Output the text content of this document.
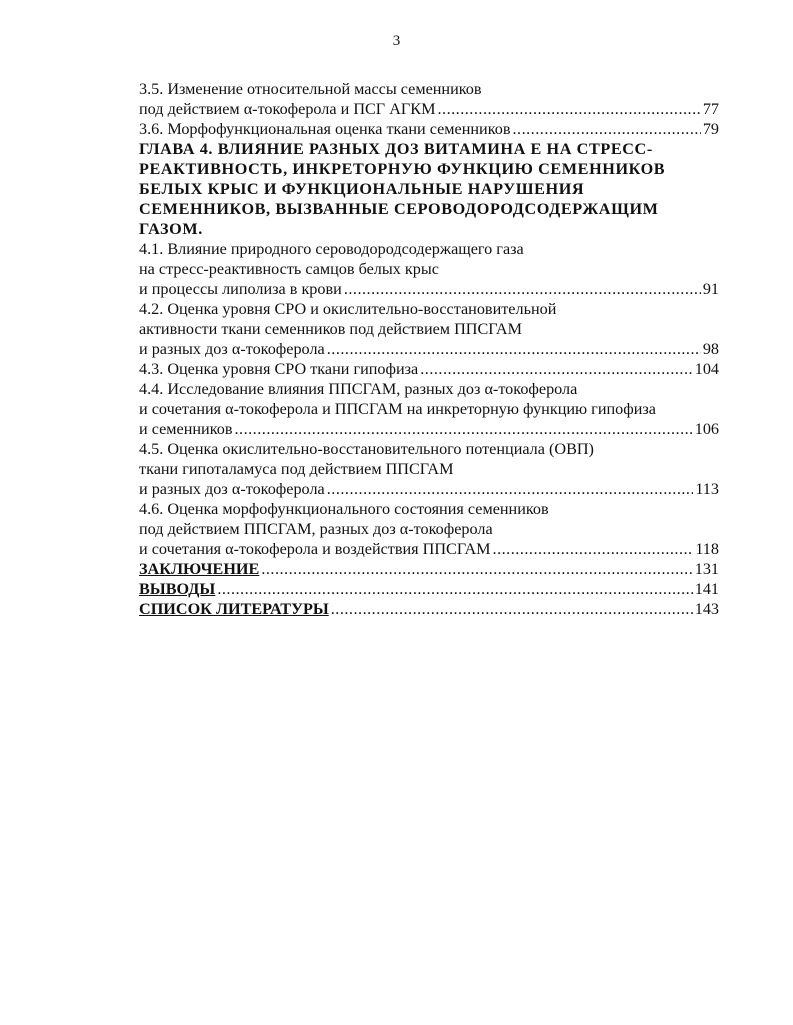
3
3.5. Изменение относительной массы семенников
под действием α-токоферола и ПСГ АГКМ .....	77
3.6. Морфофункциональная оценка ткани семенников .....	79
ГЛАВА 4. ВЛИЯНИЕ РАЗНЫХ ДОЗ ВИТАМИНА Е НА СТРЕСС-
РЕАКТИВНОСТЬ, ИНКРЕТОРНУЮ ФУНКЦИЮ СЕМЕННИКОВ
БЕЛЫХ КРЫС И ФУНКЦИОНАЛЬНЫЕ НАРУШЕНИЯ
СЕМЕННИКОВ, ВЫЗВАННЫЕ СЕРОВОДОРОДСОДЕРЖАЩИМ
ГАЗОМ.
4.1. Влияние природного сероводородсодержащего газа
на стресс-реактивность самцов белых крыс
и процессы липолиза в крови .....	91
4.2. Оценка уровня СРО и окислительно-восстановительной
активности ткани семенников под действием ППСГАМ
и разных доз α-токоферола .....	98
4.3. Оценка уровня СРО ткани гипофиза .....	104
4.4. Исследование влияния ППСГАМ, разных доз α-токоферола
и сочетания α-токоферола и ППСГАМ на инкреторную функцию гипофиза
и семенников .....	106
4.5. Оценка окислительно-восстановительного потенциала (ОВП)
ткани гипоталамуса под действием ППСГАМ
и разных доз α-токоферола .....	113
4.6. Оценка морфофункционального состояния семенников
под действием ППСГАМ, разных доз α-токоферола
и сочетания α-токоферола и воздействия ППСГАМ .....	118
ЗАКЛЮЧЕНИЕ .....	131
ВЫВОДЫ .....	141
СПИСОК ЛИТЕРАТУРЫ .....	143
